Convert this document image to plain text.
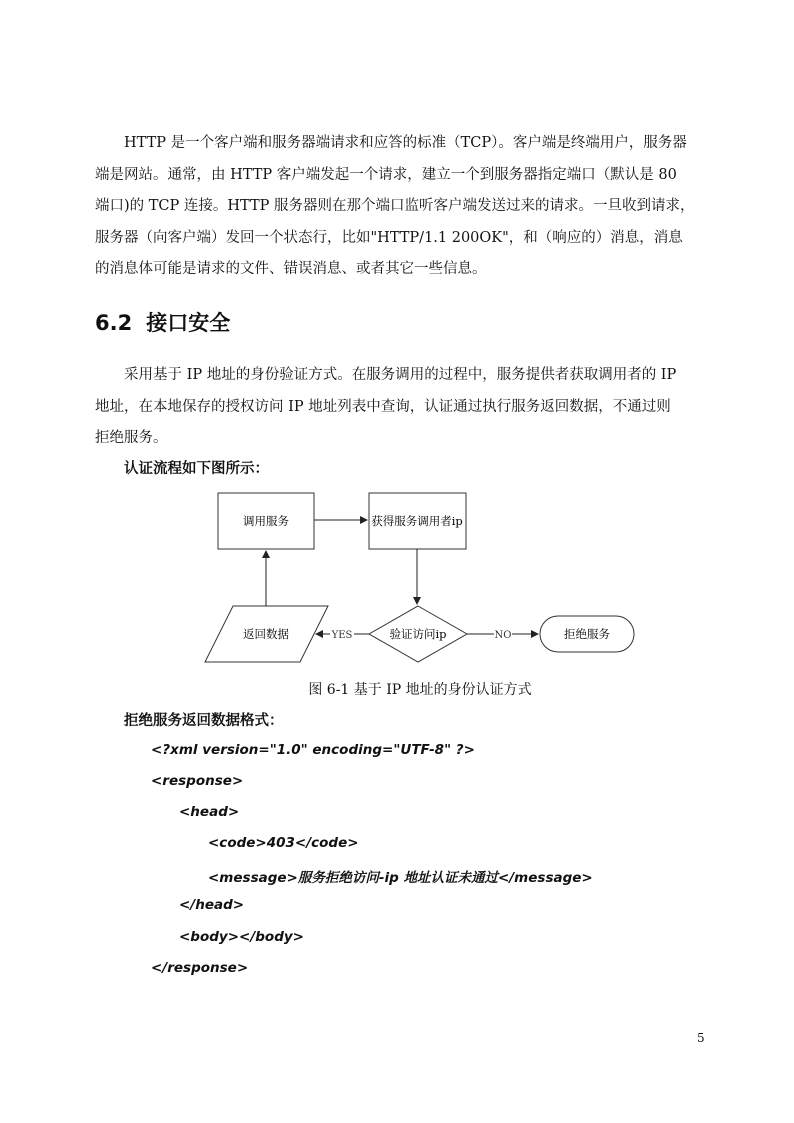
HTTP 是一个客户端和服务器端请求和应答的标准（TCP）。客户端是终端用户，服务器
端是网站。通常，由 HTTP 客户端发起一个请求，建立一个到服务器指定端口（默认是 80
端口)的 TCP 连接。HTTP 服务器则在那个端口监听客户端发送过来的请求。一旦收到请求，
服务器（向客户端）发回一个状态行，比如"HTTP/1.1 200OK"，和（响应的）消息，消息
的消息体可能是请求的文件、错误消息、或者其它一些信息。
6.2 接口安全
采用基于 IP 地址的身份验证方式。在服务调用的过程中，服务提供者获取调用者的 IP
地址，在本地保存的授权访问 IP 地址列表中查询，认证通过执行服务返回数据，不通过则
拒绝服务。
认证流程如下图所示：
调用服务	获得服务调用者ip
验证访问ip
返回数据	拒绝服务
NO
YES
图 6-1 基于 IP 地址的身份认证方式
拒绝服务返回数据格式：
<?xml version="1.0" encoding="UTF-8" ?>
<response>
<head>
<code>403</code>
<message>服务拒绝访问-ip 地址认证未通过</message>
</head>
<body></body>
</response>
5
